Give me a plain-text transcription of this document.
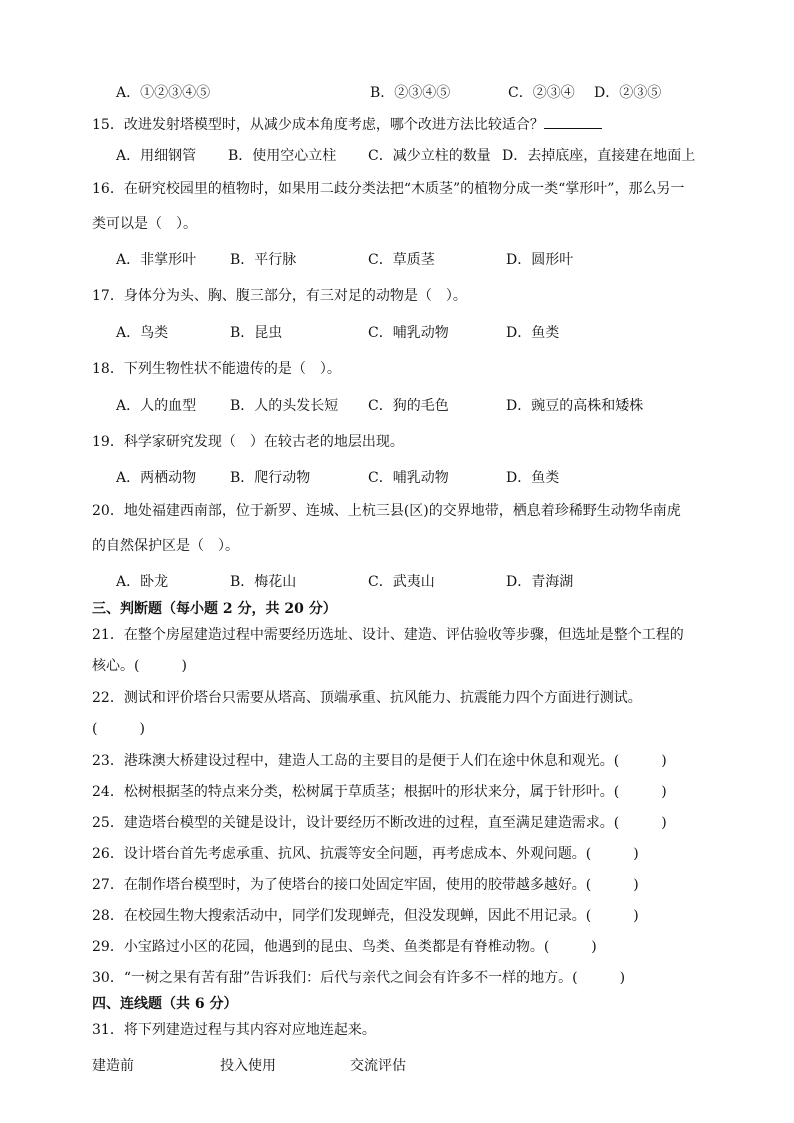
A．①②③④⑤	B．②③④⑤	C．②③④ D．②③⑤
15．改进发射塔模型时，从减少成本角度考虑，哪个改进方法比较适合？
A．用细钢管 B．使用空心立柱 C．减少立柱的数量 D．去掉底座，直接建在地面上
16．在研究校园里的植物时，如果用二歧分类法把“木质茎”的植物分成一类“掌形叶”，那么另一
类可以是（　）。
A．非掌形叶 B．平行脉	C．草质茎	D．圆形叶
17．身体分为头、胸、腹三部分，有三对足的动物是（　）。
A．鸟类	B．昆虫	C．哺乳动物	D．鱼类
18．下列生物性状不能遗传的是（　）。
A．人的血型 B．人的头发长短 C．狗的毛色	D．豌豆的高株和矮株
19．科学家研究发现（　）在较古老的地层出现。
A．两栖动物 B．爬行动物	C．哺乳动物	D．鱼类
20．地处福建西南部，位于新罗、连城、上杭三县(区)的交界地带，栖息着珍稀野生动物华南虎
的自然保护区是（　）。
A．卧龙	B．梅花山	C．武夷山	D．青海湖
三、判断题（每小题 2 分，共 20 分）
21．在整个房屋建造过程中需要经历选址、设计、建造、评估验收等步骤，但选址是整个工程的
核心。(　　　)
22．测试和评价塔台只需要从塔高、顶端承重、抗风能力、抗震能力四个方面进行测试。
(　　　)
23．港珠澳大桥建设过程中，建造人工岛的主要目的是便于人们在途中休息和观光。(　　　)
24．松树根据茎的特点来分类，松树属于草质茎；根据叶的形状来分，属于针形叶。(　　　)
25．建造塔台模型的关键是设计，设计要经历不断改进的过程，直至满足建造需求。(　　　)
26．设计塔台首先考虑承重、抗风、抗震等安全问题，再考虑成本、外观问题。(　　　)
27．在制作塔台模型时，为了使塔台的接口处固定牢固，使用的胶带越多越好。(　　　)
28．在校园生物大搜索活动中，同学们发现蝉壳，但没发现蝉，因此不用记录。(　　　)
29．小宝路过小区的花园，他遇到的昆虫、鸟类、鱼类都是有脊椎动物。(　　　)
30．“一树之果有苦有甜”告诉我们：后代与亲代之间会有许多不一样的地方。(　　　)
四、连线题（共 6 分）
31．将下列建造过程与其内容对应地连起来。
建造前	投入使用	交流评估
